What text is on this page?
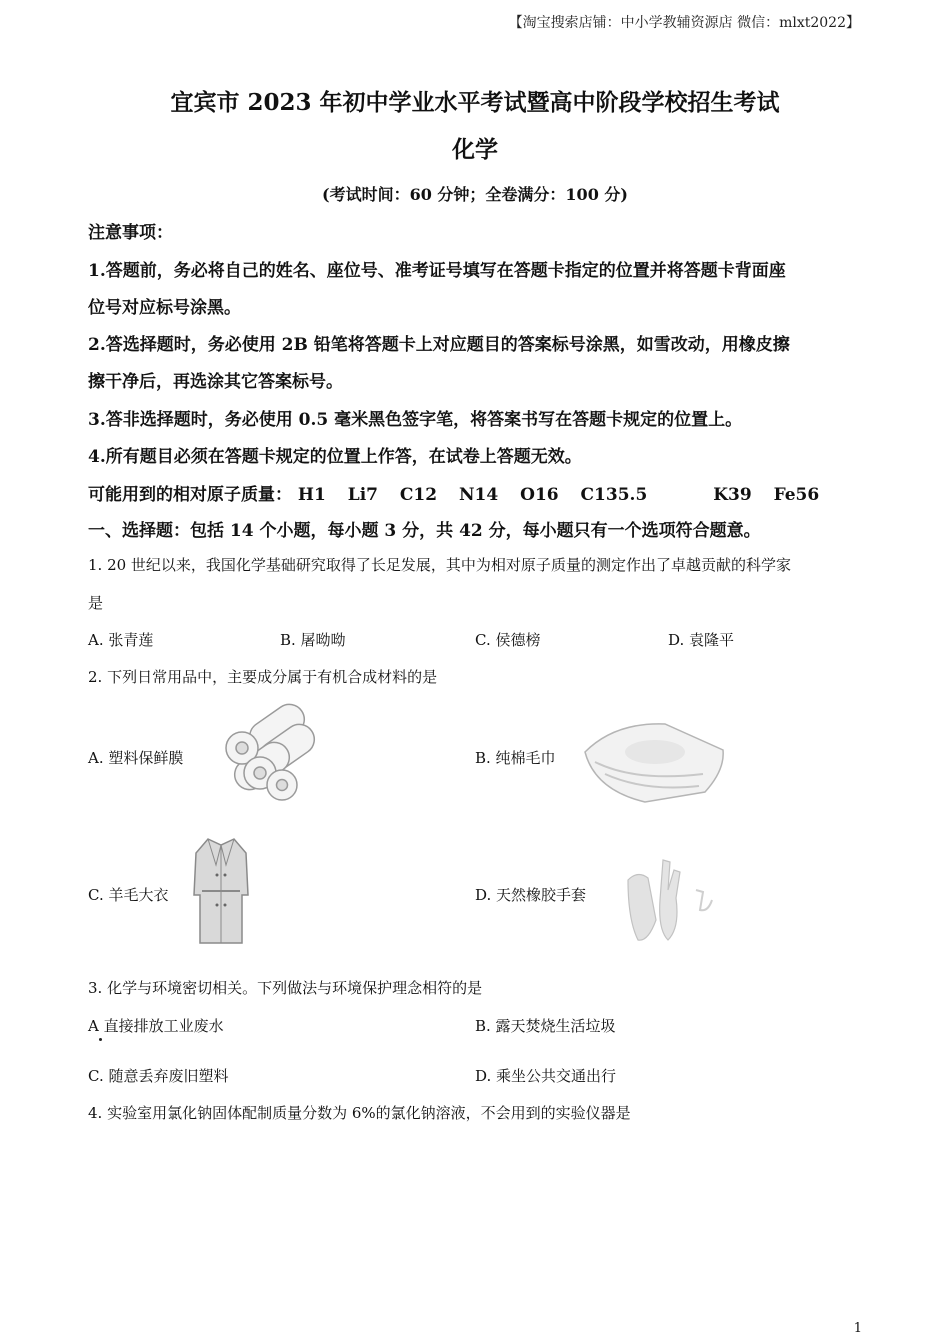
【淘宝搜索店铺：中小学教辅资源店 微信：mlxt2022】
宜宾市 2023 年初中学业水平考试暨高中阶段学校招生考试
化学
(考试时间：60 分钟；全卷满分：100 分)
注意事项：
1.答题前，务必将自己的姓名、座位号、准考证号填写在答题卡指定的位置并将答题卡背面座
位号对应标号涂黑。
2.答选择题时，务必使用 2B 铅笔将答题卡上对应题目的答案标号涂黑，如雪改动，用橡皮擦
擦干净后，再选涂其它答案标号。
3.答非选择题时，务必使用 0.5 毫米黑色签字笔，将答案书写在答题卡规定的位置上。
4.所有题目必须在答题卡规定的位置上作答，在试卷上答题无效。
可能用到的相对原子质量： H1 Li7 C12 N14 O16 C135.5	K39 Fe56
一、选择题：包括 14 个小题，每小题 3 分，共 42 分，每小题只有一个选项符合题意。
1. 20 世纪以来，我国化学基础研究取得了长足发展，其中为相对原子质量的测定作出了卓越贡献的科学家
是
A. 张青莲	B. 屠呦呦	C. 侯德榜	D. 袁隆平
2. 下列日常用品中，主要成分属于有机合成材料的是
A. 塑料保鲜膜	B. 纯棉毛巾
C. 羊毛大衣	D. 天然橡胶手套
3. 化学与环境密切相关。下列做法与环境保护理念相符的是
A 直接排放工业废水	B. 露天焚烧生活垃圾
C. 随意丢弃废旧塑料	D. 乘坐公共交通出行
4. 实验室用氯化钠固体配制质量分数为 6%的氯化钠溶液，不会用到的实验仪器是
1
